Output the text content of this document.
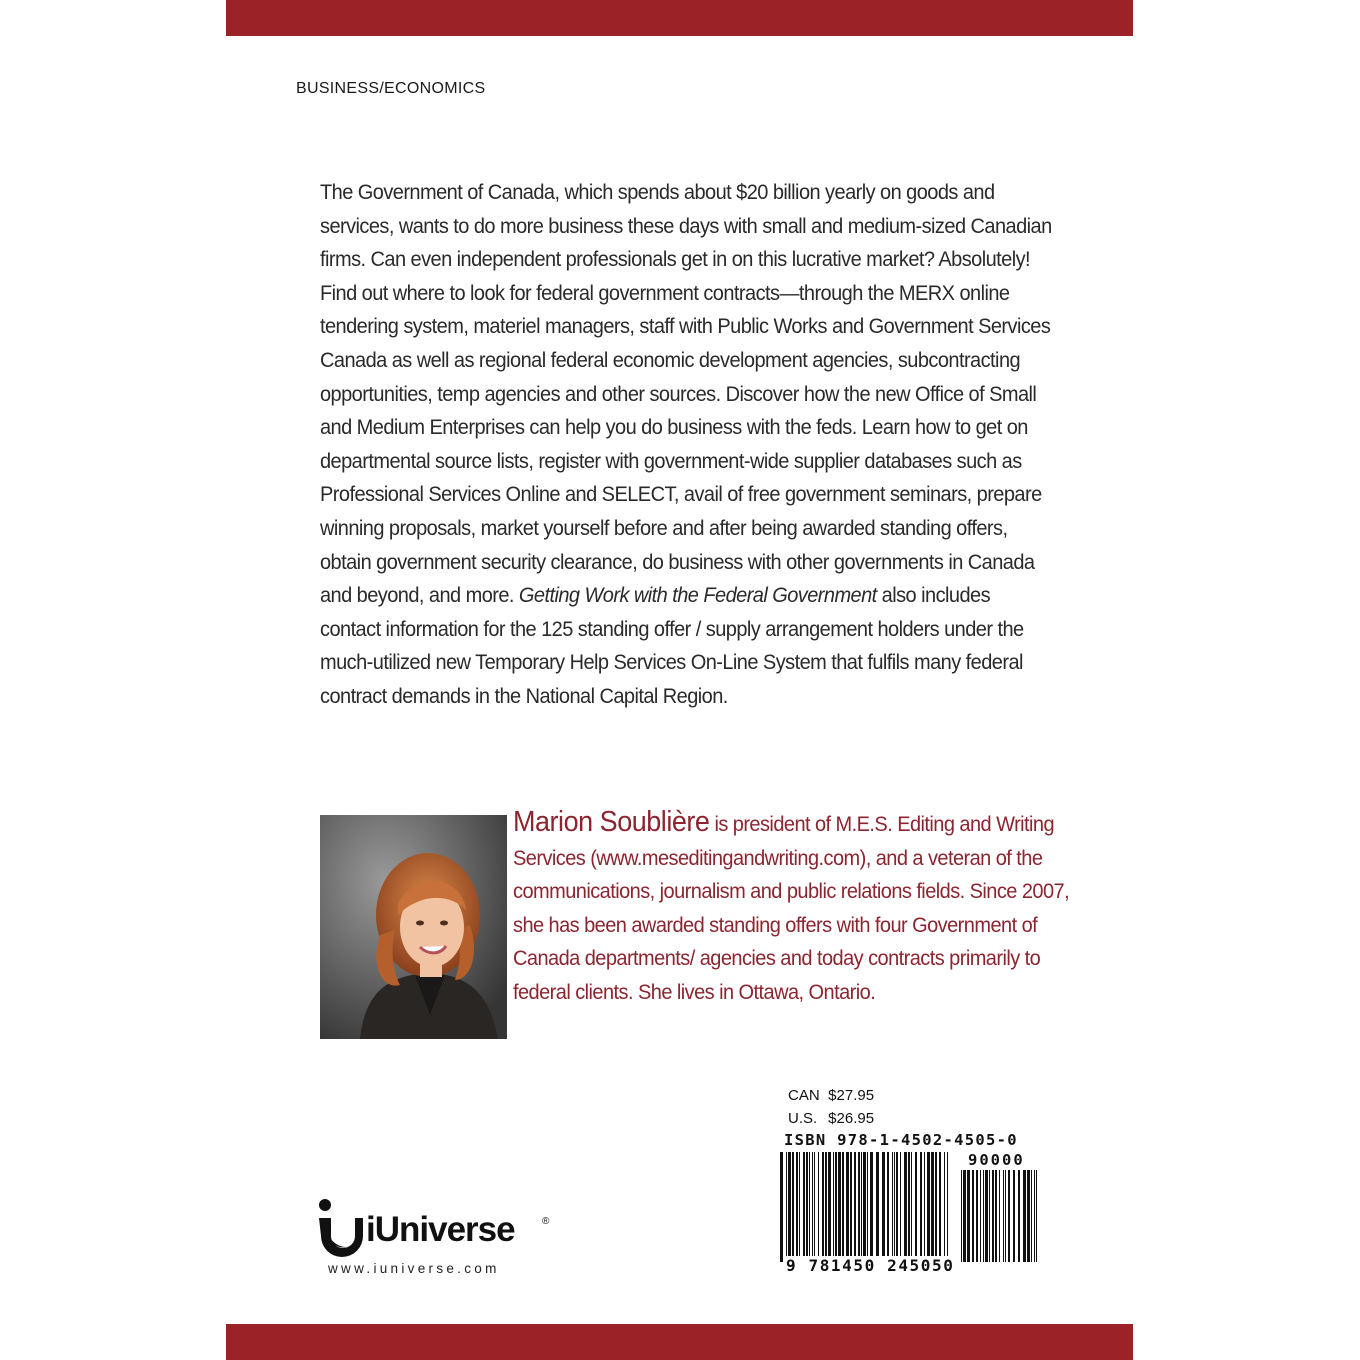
BUSINESS/ECONOMICS
The Government of Canada, which spends about $20 billion yearly on goods and services, wants to do more business these days with small and medium-sized Canadian firms. Can even independent professionals get in on this lucrative market? Absolutely! Find out where to look for federal government contracts—through the MERX online tendering system, materiel managers, staff with Public Works and Government Services Canada as well as regional federal economic development agencies, subcontracting opportunities, temp agencies and other sources. Discover how the new Office of Small and Medium Enterprises can help you do business with the feds. Learn how to get on departmental source lists, register with government-wide supplier databases such as Professional Services Online and SELECT, avail of free government seminars, prepare winning proposals, market yourself before and after being awarded standing offers, obtain government security clearance, do business with other governments in Canada and beyond, and more. Getting Work with the Federal Government also includes contact information for the 125 standing offer / supply arrangement holders under the much-utilized new Temporary Help Services On-Line System that fulfils many federal contract demands in the National Capital Region.
Marion Soublière is president of M.E.S. Editing and Writing Services (www.meseditingandwriting.com), and a veteran of the communications, journalism and public relations fields. Since 2007, she has been awarded standing offers with four Government of Canada departments/ agencies and today contracts primarily to federal clients. She lives in Ottawa, Ontario.
CAN $27.95
U.S. $26.95
ISBN 978-1-4502-4505-0
90000
9 781450 245050
iUniverse	®
www.iuniverse.com
